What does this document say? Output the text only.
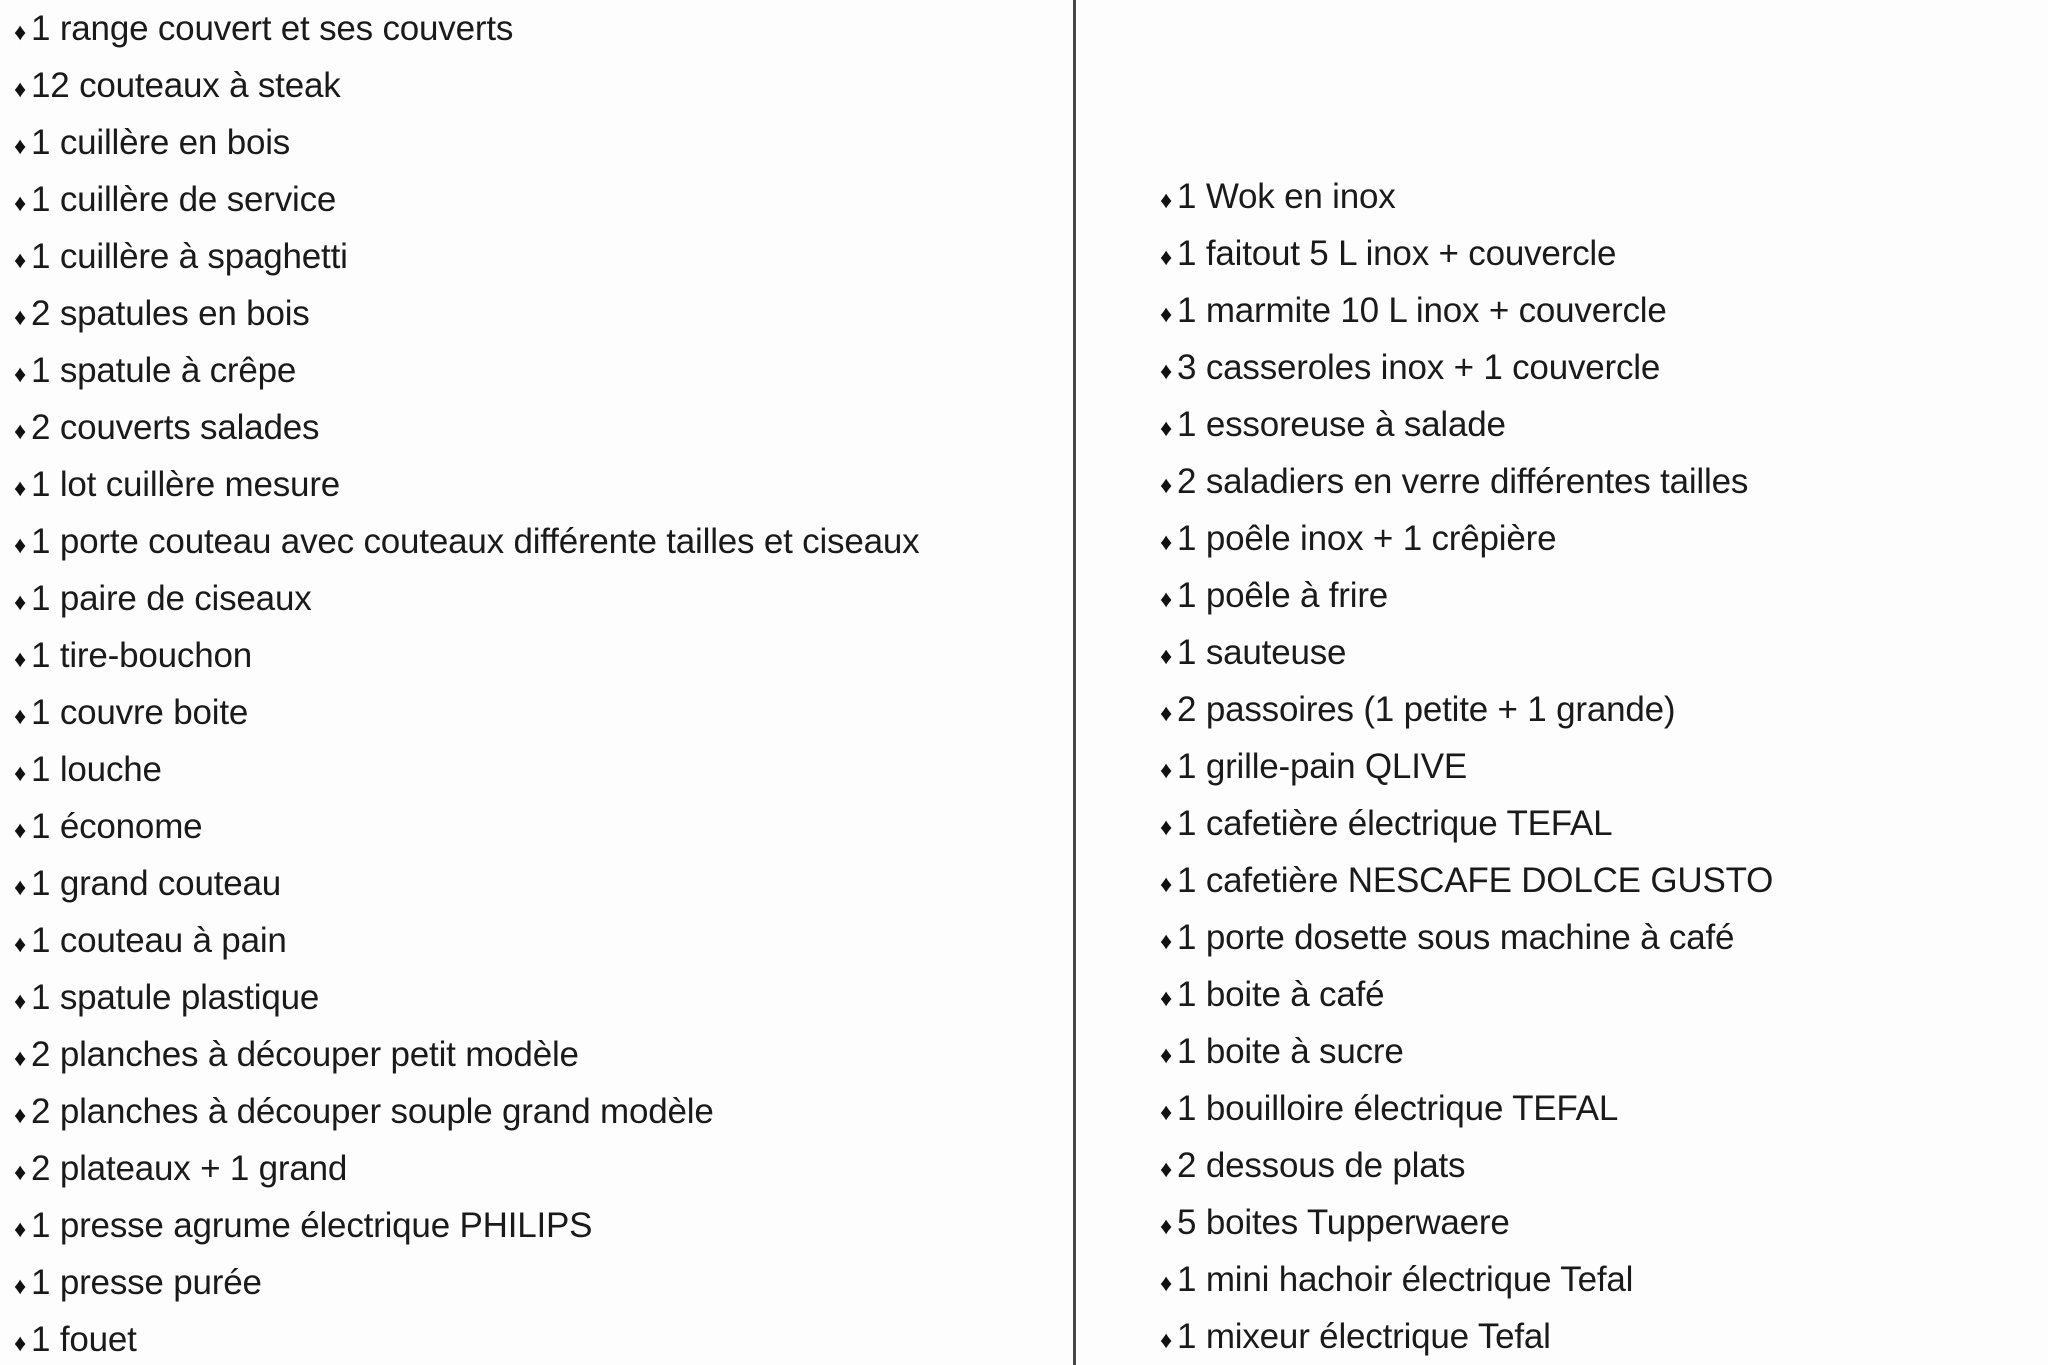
♦ 1 range couvert et ses couverts
♦ 12 couteaux à steak
♦ 1 cuillère en bois
♦ 1 cuillère de service
♦ 1 cuillère à spaghetti
♦ 2 spatules en bois
♦ 1 spatule à crêpe
♦ 2 couverts salades
♦ 1 lot cuillère mesure
♦ 1 porte couteau avec couteaux différente tailles et ciseaux
♦ 1 paire de ciseaux
♦ 1 tire-bouchon
♦ 1 couvre boite
♦ 1 louche
♦ 1 économe
♦ 1 grand couteau
♦ 1 couteau à pain
♦ 1 spatule plastique
♦ 2 planches à découper petit modèle
♦ 2 planches à découper souple grand modèle
♦ 2 plateaux + 1 grand
♦ 1 presse agrume électrique PHILIPS
♦ 1 presse purée
♦ 1 fouet
♦ 1 Wok en inox
♦ 1 faitout 5 L inox + couvercle
♦ 1 marmite 10 L inox + couvercle
♦ 3 casseroles inox + 1 couvercle
♦ 1 essoreuse à salade
♦ 2 saladiers en verre différentes tailles
♦ 1 poêle inox + 1 crêpière
♦ 1 poêle à frire
♦ 1 sauteuse
♦ 2 passoires (1 petite + 1 grande)
♦ 1 grille-pain QLIVE
♦ 1 cafetière électrique TEFAL
♦ 1 cafetière NESCAFE DOLCE GUSTO
♦ 1 porte dosette sous machine à café
♦ 1 boite à café
♦ 1 boite à sucre
♦ 1 bouilloire électrique TEFAL
♦ 2 dessous de plats
♦ 5 boites Tupperwaere
♦ 1 mini hachoir électrique Tefal
♦ 1 mixeur électrique Tefal
